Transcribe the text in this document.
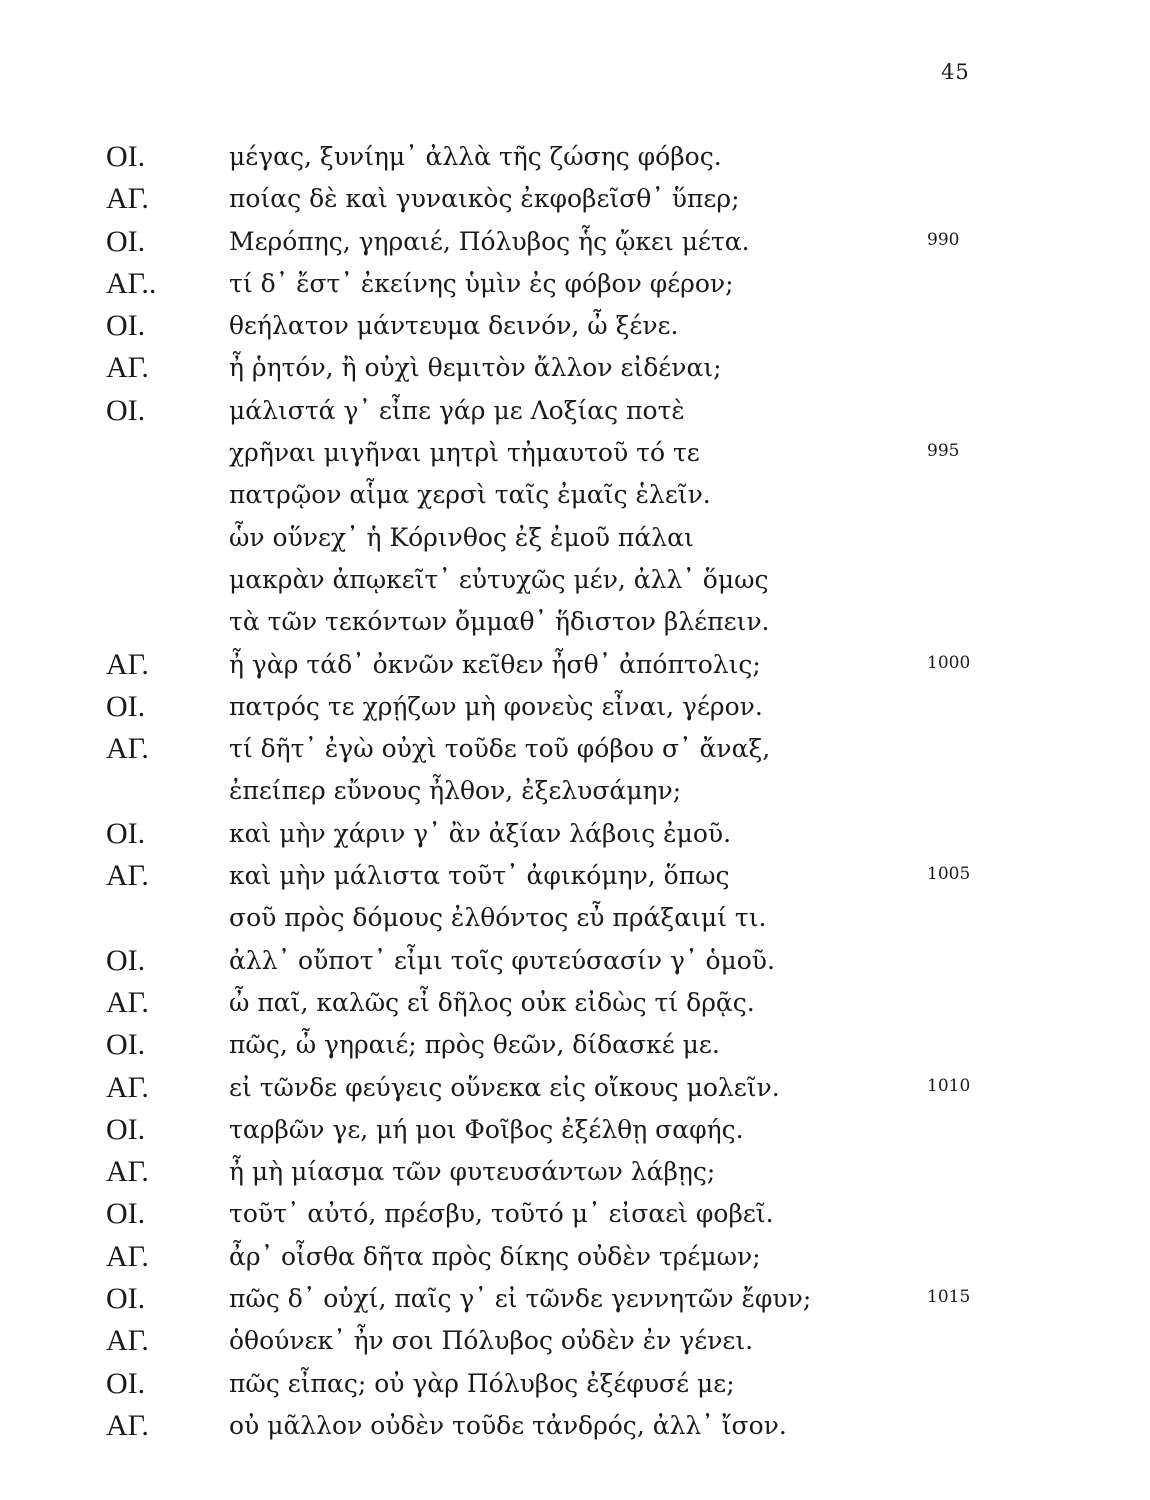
45
ΟΙ.	μέγας, ξυνίημ᾽ ἀλλὰ τῆς ζώσης φόβος.
ΑΓ.	ποίας δὲ καὶ γυναικὸς ἐκφοβεῖσθ᾽ ὕπερ;
ΟΙ.	Μερόπης, γηραιέ, Πόλυβος ἧς ᾤκει μέτα.	990
ΑΓ..	τί δ᾽ ἔστ᾽ ἐκείνης ὑμὶν ἐς φόβον φέρον;
ΟΙ.	θεήλατον μάντευμα δεινόν, ὦ ξένε.
ΑΓ.	ἦ ῥητόν, ἢ οὐχὶ θεμιτὸν ἄλλον εἰδέναι;
ΟΙ.	μάλιστά γ᾽ εἶπε γάρ με Λοξίας ποτὲ
χρῆναι μιγῆναι μητρὶ τἠμαυτοῦ τό τε	995
πατρῷον αἷμα χερσὶ ταῖς ἐμαῖς ἑλεῖν.
ὧν οὕνεχ᾽ ἡ Κόρινθος ἐξ ἐμοῦ πάλαι
μακρὰν ἀπῳκεῖτ᾽ εὐτυχῶς μέν, ἀλλ᾽ ὅμως
τὰ τῶν τεκόντων ὄμμαθ᾽ ἥδιστον βλέπειν.
ΑΓ.	ἦ γὰρ τάδ᾽ ὀκνῶν κεῖθεν ἦσθ᾽ ἀπόπτολις;	1000
ΟΙ.	πατρός τε χρῄζων μὴ φονεὺς εἶναι, γέρον.
ΑΓ.	τί δῆτ᾽ ἐγὼ οὐχὶ τοῦδε τοῦ φόβου σ᾽ ἄναξ,
ἐπείπερ εὔνους ἦλθον, ἐξελυσάμην;
ΟΙ.	καὶ μὴν χάριν γ᾽ ἂν ἀξίαν λάβοις ἐμοῦ.
ΑΓ.	καὶ μὴν μάλιστα τοῦτ᾽ ἀφικόμην, ὅπως	1005
σοῦ πρὸς δόμους ἐλθόντος εὖ πράξαιμί τι.
ΟΙ.	ἀλλ᾽ οὔποτ᾽ εἶμι τοῖς φυτεύσασίν γ᾽ ὁμοῦ.
ΑΓ.	ὦ παῖ, καλῶς εἶ δῆλος οὐκ εἰδὼς τί δρᾷς.
ΟΙ.	πῶς, ὦ γηραιέ; πρὸς θεῶν, δίδασκέ με.
ΑΓ.	εἰ τῶνδε φεύγεις οὕνεκα εἰς οἴκους μολεῖν.	1010
ΟΙ.	ταρβῶν γε, μή μοι Φοῖβος ἐξέλθῃ σαφής.
ΑΓ.	ἦ μὴ μίασμα τῶν φυτευσάντων λάβῃς;
ΟΙ.	τοῦτ᾽ αὐτό, πρέσβυ, τοῦτό μ᾽ εἰσαεὶ φοβεῖ.
ΑΓ.	ἆρ᾽ οἶσθα δῆτα πρὸς δίκης οὐδὲν τρέμων;
ΟΙ.	πῶς δ᾽ οὐχί, παῖς γ᾽ εἰ τῶνδε γεννητῶν ἔφυν;	1015
ΑΓ.	ὁθούνεκ᾽ ἦν σοι Πόλυβος οὐδὲν ἐν γένει.
ΟΙ.	πῶς εἶπας; οὐ γὰρ Πόλυβος ἐξέφυσέ με;
ΑΓ.	οὐ μᾶλλον οὐδὲν τοῦδε τἀνδρός, ἀλλ᾽ ἴσον.
